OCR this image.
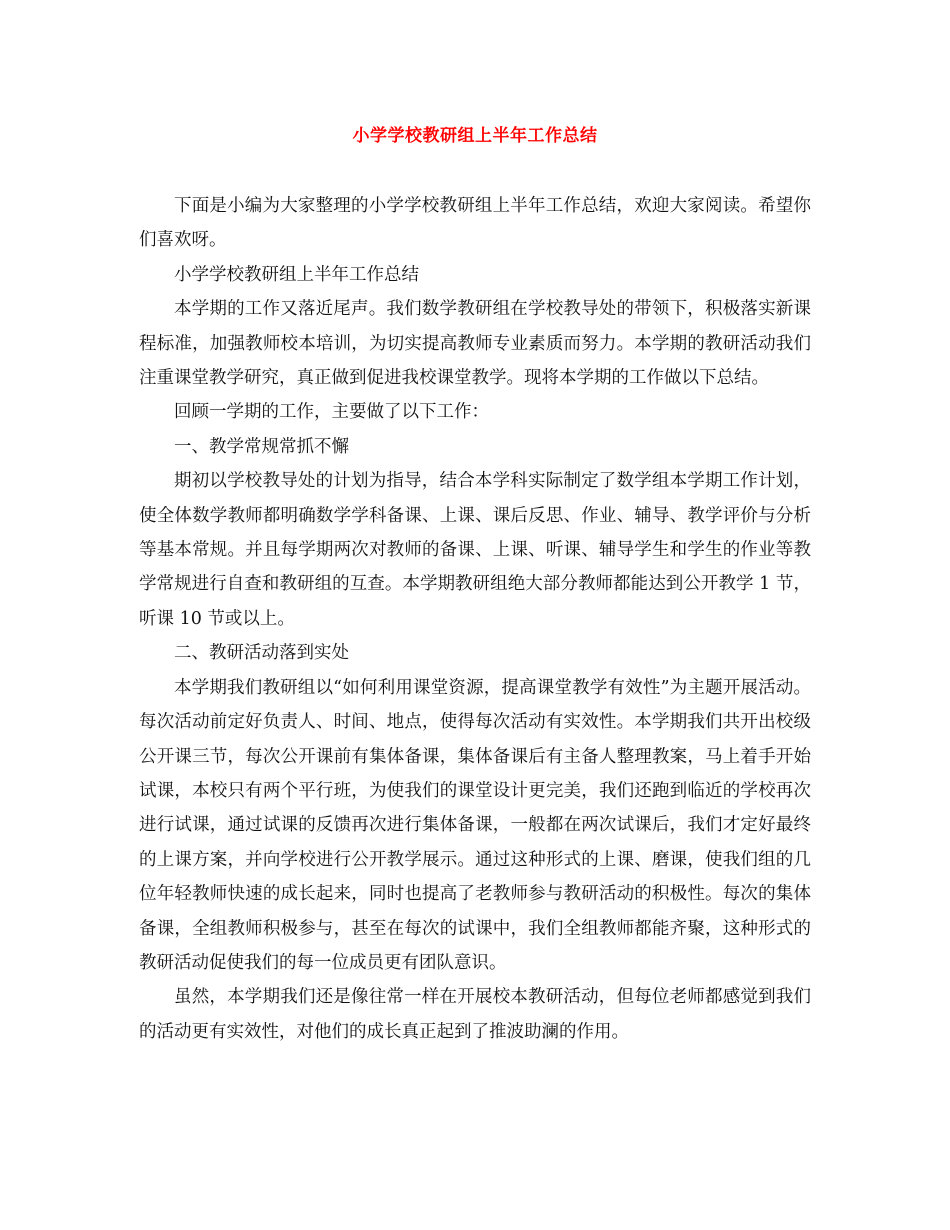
小学学校教研组上半年工作总结

下面是小编为大家整理的小学学校教研组上半年工作总结，欢迎大家阅读。希望你们喜欢呀。

小学学校教研组上半年工作总结

本学期的工作又落近尾声。我们数学教研组在学校教导处的带领下，积极落实新课程标准，加强教师校本培训，为切实提高教师专业素质而努力。本学期的教研活动我们注重课堂教学研究，真正做到促进我校课堂教学。现将本学期的工作做以下总结。

回顾一学期的工作，主要做了以下工作：

一、教学常规常抓不懈

期初以学校教导处的计划为指导，结合本学科实际制定了数学组本学期工作计划，使全体数学教师都明确数学学科备课、上课、课后反思、作业、辅导、教学评价与分析等基本常规。并且每学期两次对教师的备课、上课、听课、辅导学生和学生的作业等教学常规进行自查和教研组的互查。本学期教研组绝大部分教师都能达到公开教学 1 节，听课 10 节或以上。

二、教研活动落到实处

本学期我们教研组以“如何利用课堂资源，提高课堂教学有效性”为主题开展活动。每次活动前定好负责人、时间、地点，使得每次活动有实效性。本学期我们共开出校级公开课三节，每次公开课前有集体备课，集体备课后有主备人整理教案，马上着手开始试课，本校只有两个平行班，为使我们的课堂设计更完美，我们还跑到临近的学校再次进行试课，通过试课的反馈再次进行集体备课，一般都在两次试课后，我们才定好最终的上课方案，并向学校进行公开教学展示。通过这种形式的上课、磨课，使我们组的几位年轻教师快速的成长起来，同时也提高了老教师参与教研活动的积极性。每次的集体备课，全组教师积极参与，甚至在每次的试课中，我们全组教师都能齐聚，这种形式的教研活动促使我们的每一位成员更有团队意识。

虽然，本学期我们还是像往常一样在开展校本教研活动，但每位老师都感觉到我们的活动更有实效性，对他们的成长真正起到了推波助澜的作用。
